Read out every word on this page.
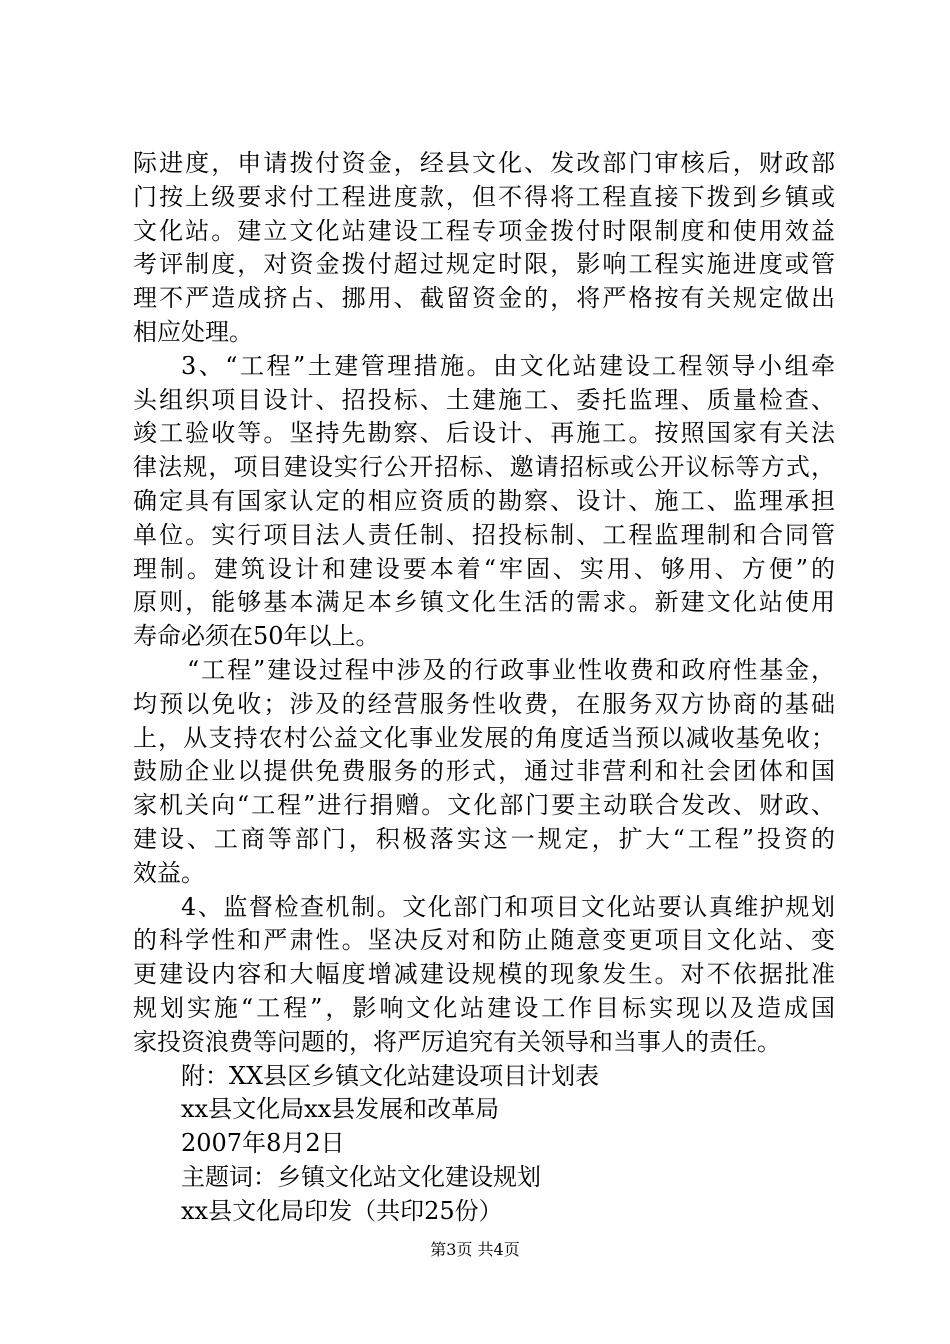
际进度，申请拨付资金，经县文化、发改部门审核后，财政部
门按上级要求付工程进度款，但不得将工程直接下拨到乡镇或
文化站。建立文化站建设工程专项金拨付时限制度和使用效益
考评制度，对资金拨付超过规定时限，影响工程实施进度或管
理不严造成挤占、挪用、截留资金的，将严格按有关规定做出
相应处理。

3、“工程”土建管理措施。由文化站建设工程领导小组牵
头组织项目设计、招投标、土建施工、委托监理、质量检查、
竣工验收等。坚持先勘察、后设计、再施工。按照国家有关法
律法规，项目建设实行公开招标、邀请招标或公开议标等方式，
确定具有国家认定的相应资质的勘察、设计、施工、监理承担
单位。实行项目法人责任制、招投标制、工程监理制和合同管
理制。建筑设计和建设要本着“牢固、实用、够用、方便”的
原则，能够基本满足本乡镇文化生活的需求。新建文化站使用
寿命必须在50年以上。

“工程”建设过程中涉及的行政事业性收费和政府性基金，
均预以免收；涉及的经营服务性收费，在服务双方协商的基础
上，从支持农村公益文化事业发展的角度适当预以减收基免收；
鼓励企业以提供免费服务的形式，通过非营利和社会团体和国
家机关向“工程”进行捐赠。文化部门要主动联合发改、财政、
建设、工商等部门，积极落实这一规定，扩大“工程”投资的
效益。

4、监督检查机制。文化部门和项目文化站要认真维护规划
的科学性和严肃性。坚决反对和防止随意变更项目文化站、变
更建设内容和大幅度增减建设规模的现象发生。对不依据批准
规划实施“工程”，影响文化站建设工作目标实现以及造成国
家投资浪费等问题的，将严厉追究有关领导和当事人的责任。

附：XX县区乡镇文化站建设项目计划表
xx县文化局xx县发展和改革局
2007年8月2日
主题词：乡镇文化站文化建设规划
xx县文化局印发（共印25份）

第3页 共4页
